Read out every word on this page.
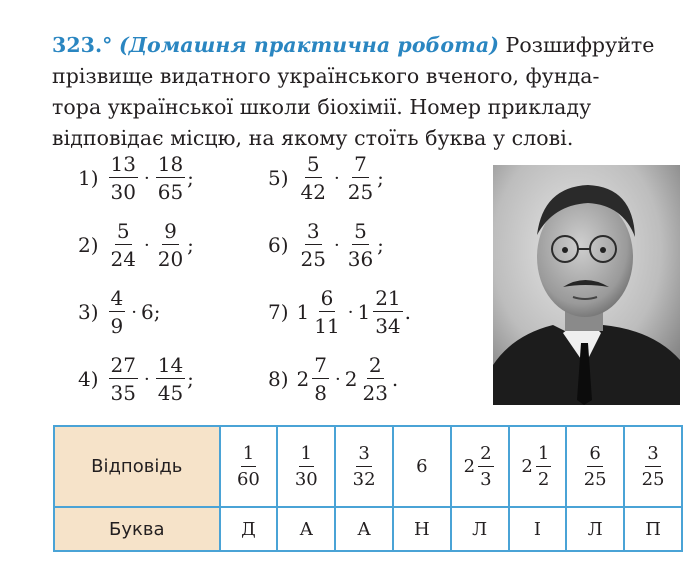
323.° (Домашня практична робота) Розшифруйте
прізвище видатного українського вченого, фунда-
тора української школи біохімії. Номер прикладу
відповідає місцю, на якому стоїть буква у слові.
$1) \frac{13}{30} \cdot \frac{18}{65}$ ;
$2) \frac{5}{24} \cdot \frac{9}{20}$ ;
$3) \frac{4}{9} \cdot 6$ ;
$4) \frac{27}{35} \cdot \frac{14}{45}$ ;
$5) \frac{5}{42} \cdot \frac{7}{25}$ ;
$6) \frac{3}{25} \cdot \frac{5}{36}$ ;
7) $1 \frac{6}{11} \cdot 1 \frac{21}{34}$ .
8) $2 \frac{7}{8} \cdot 2 \frac{2}{23}$ .
Відповідь	$\frac{1}{60}$	$\frac{1}{30}$	$\frac{3}{32}$	6	$2 \frac{2}{3}$	$2 \frac{1}{2}$	$\frac{6}{25}$	$\frac{3}{25}$

Буква	Д	А	А	Н	Л	І	Л	П
